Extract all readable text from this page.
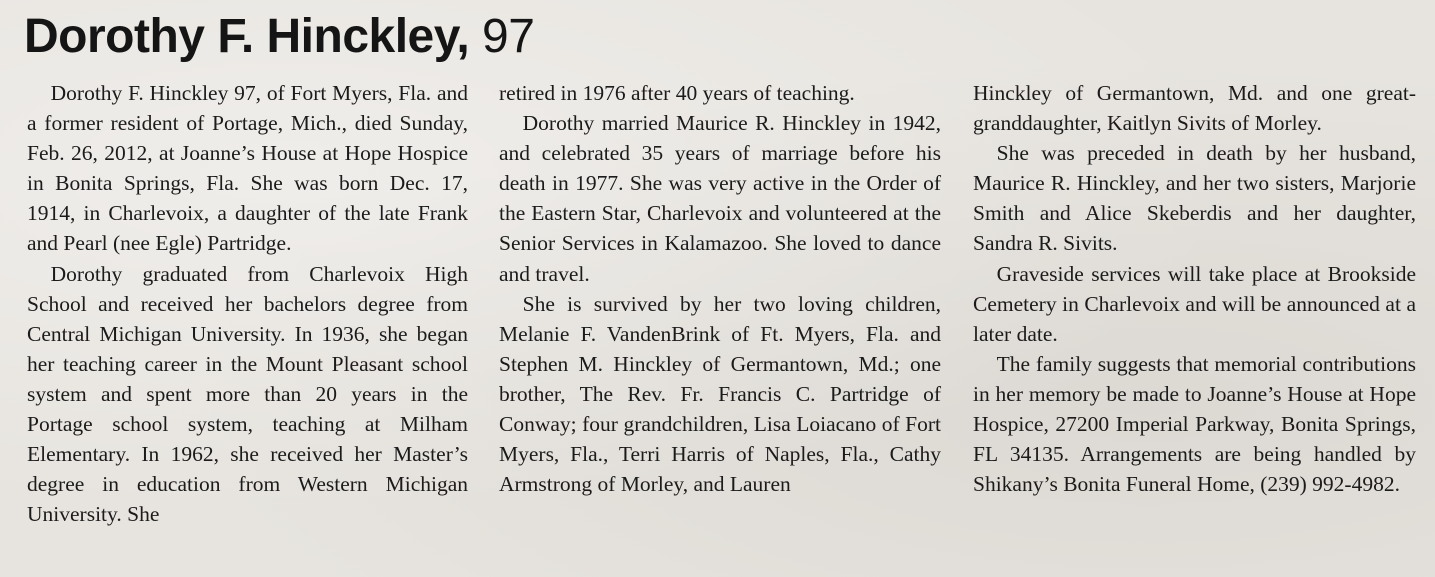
Dorothy F. Hinckley, 97

Dorothy F. Hinckley 97, of Fort Myers, Fla. and a former resident of Portage, Mich., died Sunday, Feb. 26, 2012, at Joanne’s House at Hope Hospice in Bonita Springs, Fla. She was born Dec. 17, 1914, in Charlevoix, a daughter of the late Frank and Pearl (nee Egle) Partridge.

Dorothy graduated from Charlevoix High School and received her bachelors degree from Central Michigan University. In 1936, she began her teaching career in the Mount Pleasant school system and spent more than 20 years in the Portage school system, teaching at Milham Elementary. In 1962, she received her Master’s degree in education from Western Michigan University. She

retired in 1976 after 40 years of teaching.

Dorothy married Maurice R. Hinckley in 1942, and celebrated 35 years of marriage before his death in 1977. She was very active in the Order of the Eastern Star, Charlevoix and volunteered at the Senior Services in Kalamazoo. She loved to dance and travel.

She is survived by her two loving children, Melanie F. VandenBrink of Ft. Myers, Fla. and Stephen M. Hinckley of Germantown, Md.; one brother, The Rev. Fr. Francis C. Partridge of Conway; four grandchildren, Lisa Loiacano of Fort Myers, Fla., Terri Harris of Naples, Fla., Cathy Armstrong of Morley, and Lauren

Hinckley of Germantown, Md. and one great-granddaughter, Kaitlyn Sivits of Morley.

She was preceded in death by her husband, Maurice R. Hinckley, and her two sisters, Marjorie Smith and Alice Skeberdis and her daughter, Sandra R. Sivits.

Graveside services will take place at Brookside Cemetery in Charlevoix and will be announced at a later date.

The family suggests that memorial contributions in her memory be made to Joanne’s House at Hope Hospice, 27200 Imperial Parkway, Bonita Springs, FL 34135. Arrangements are being handled by Shikany’s Bonita Funeral Home, (239) 992-4982.
